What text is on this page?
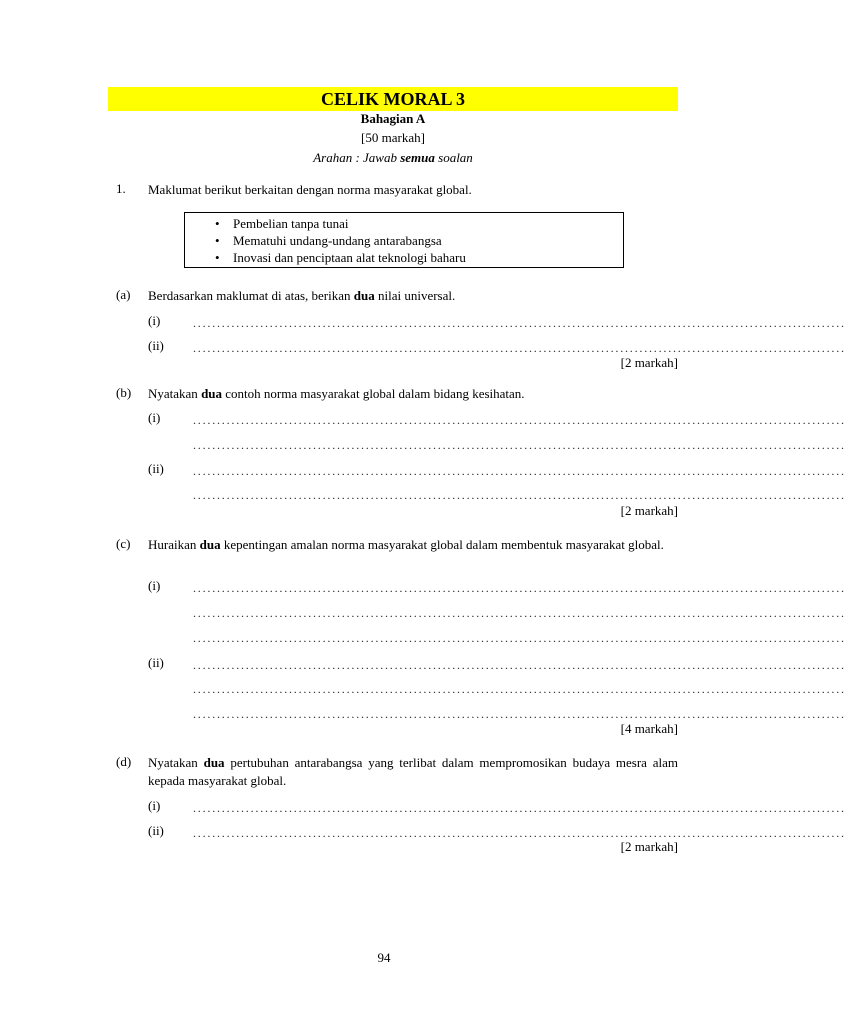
CELIK MORAL 3
Bahagian A
[50 markah]
Arahan : Jawab semua soalan
1. Maklumat berikut berkaitan dengan norma masyarakat global.
• Pembelian tanpa tunai
• Mematuhi undang-undang antarabangsa
• Inovasi dan penciptaan alat teknologi baharu
(a) Berdasarkan maklumat di atas, berikan dua nilai universal.
(i)	........................................................................................................................................
(ii) ........................................................................................................................................
[2 markah]
(b) Nyatakan dua contoh norma masyarakat global dalam bidang kesihatan.
(i)	........................................................................................................................................
........................................................................................................................................
(ii) ........................................................................................................................................
........................................................................................................................................
[2 markah]
(c) Huraikan dua kepentingan amalan norma masyarakat global dalam membentuk masyarakat global.
(i)	........................................................................................................................................
........................................................................................................................................
........................................................................................................................................
(ii) ........................................................................................................................................
........................................................................................................................................
........................................................................................................................................
[4 markah]
(d) Nyatakan dua pertubuhan antarabangsa yang terlibat dalam mempromosikan budaya mesra alam kepada masyarakat global.
(i)	........................................................................................................................................
(ii) ........................................................................................................................................
[2 markah]
94
